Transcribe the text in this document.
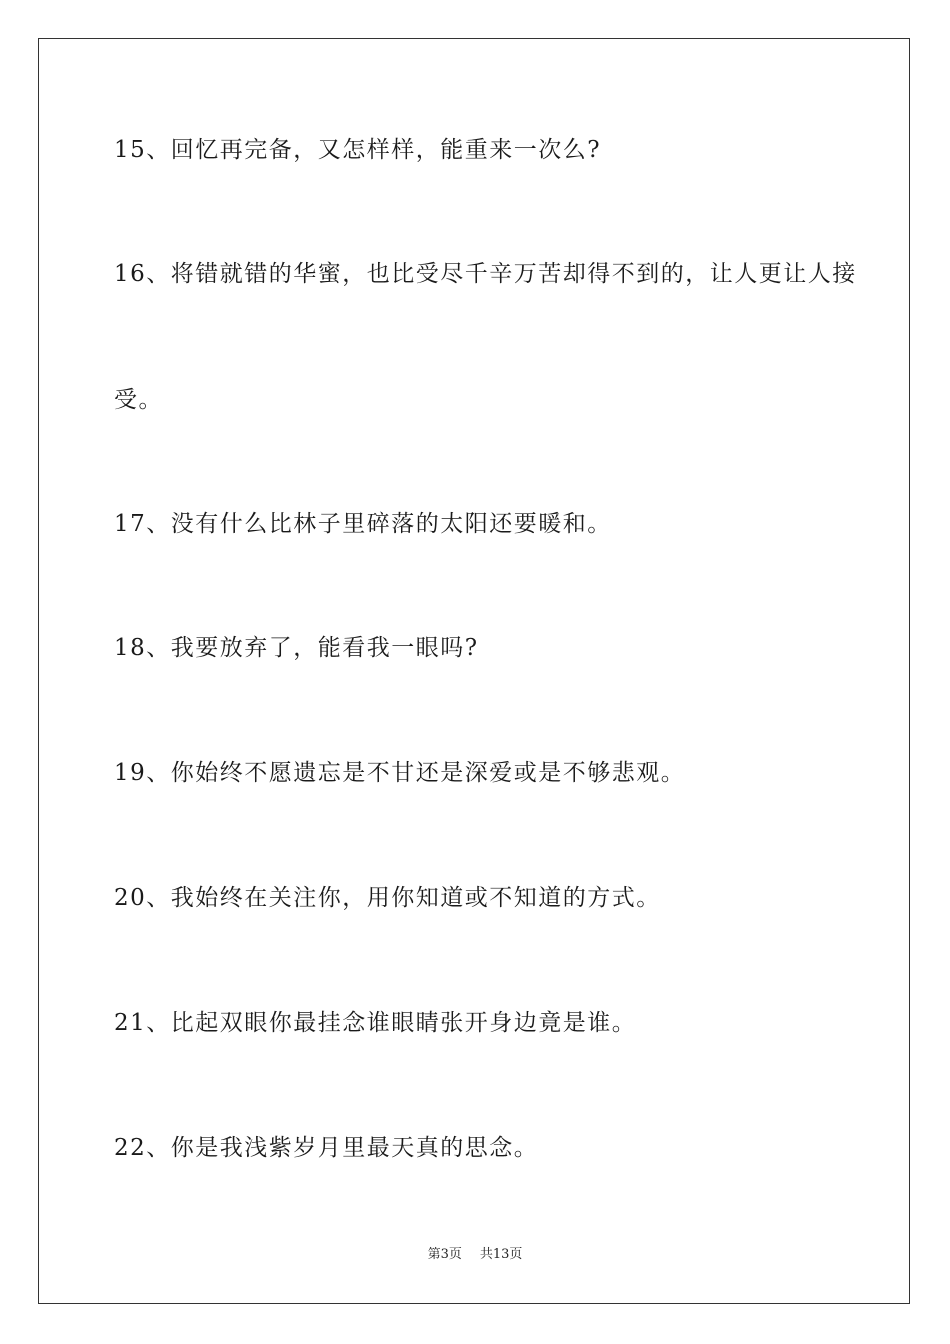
15、回忆再完备，又怎样样，能重来一次么?
16、将错就错的华蜜，也比受尽千辛万苦却得不到的，让人更让人接
受。
17、没有什么比林子里碎落的太阳还要暖和。
18、我要放弃了，能看我一眼吗?
19、你始终不愿遗忘是不甘还是深爱或是不够悲观。
20、我始终在关注你，用你知道或不知道的方式。
21、比起双眼你最挂念谁眼睛张开身边竟是谁。
22、你是我浅紫岁月里最天真的思念。
第3页 共13页
